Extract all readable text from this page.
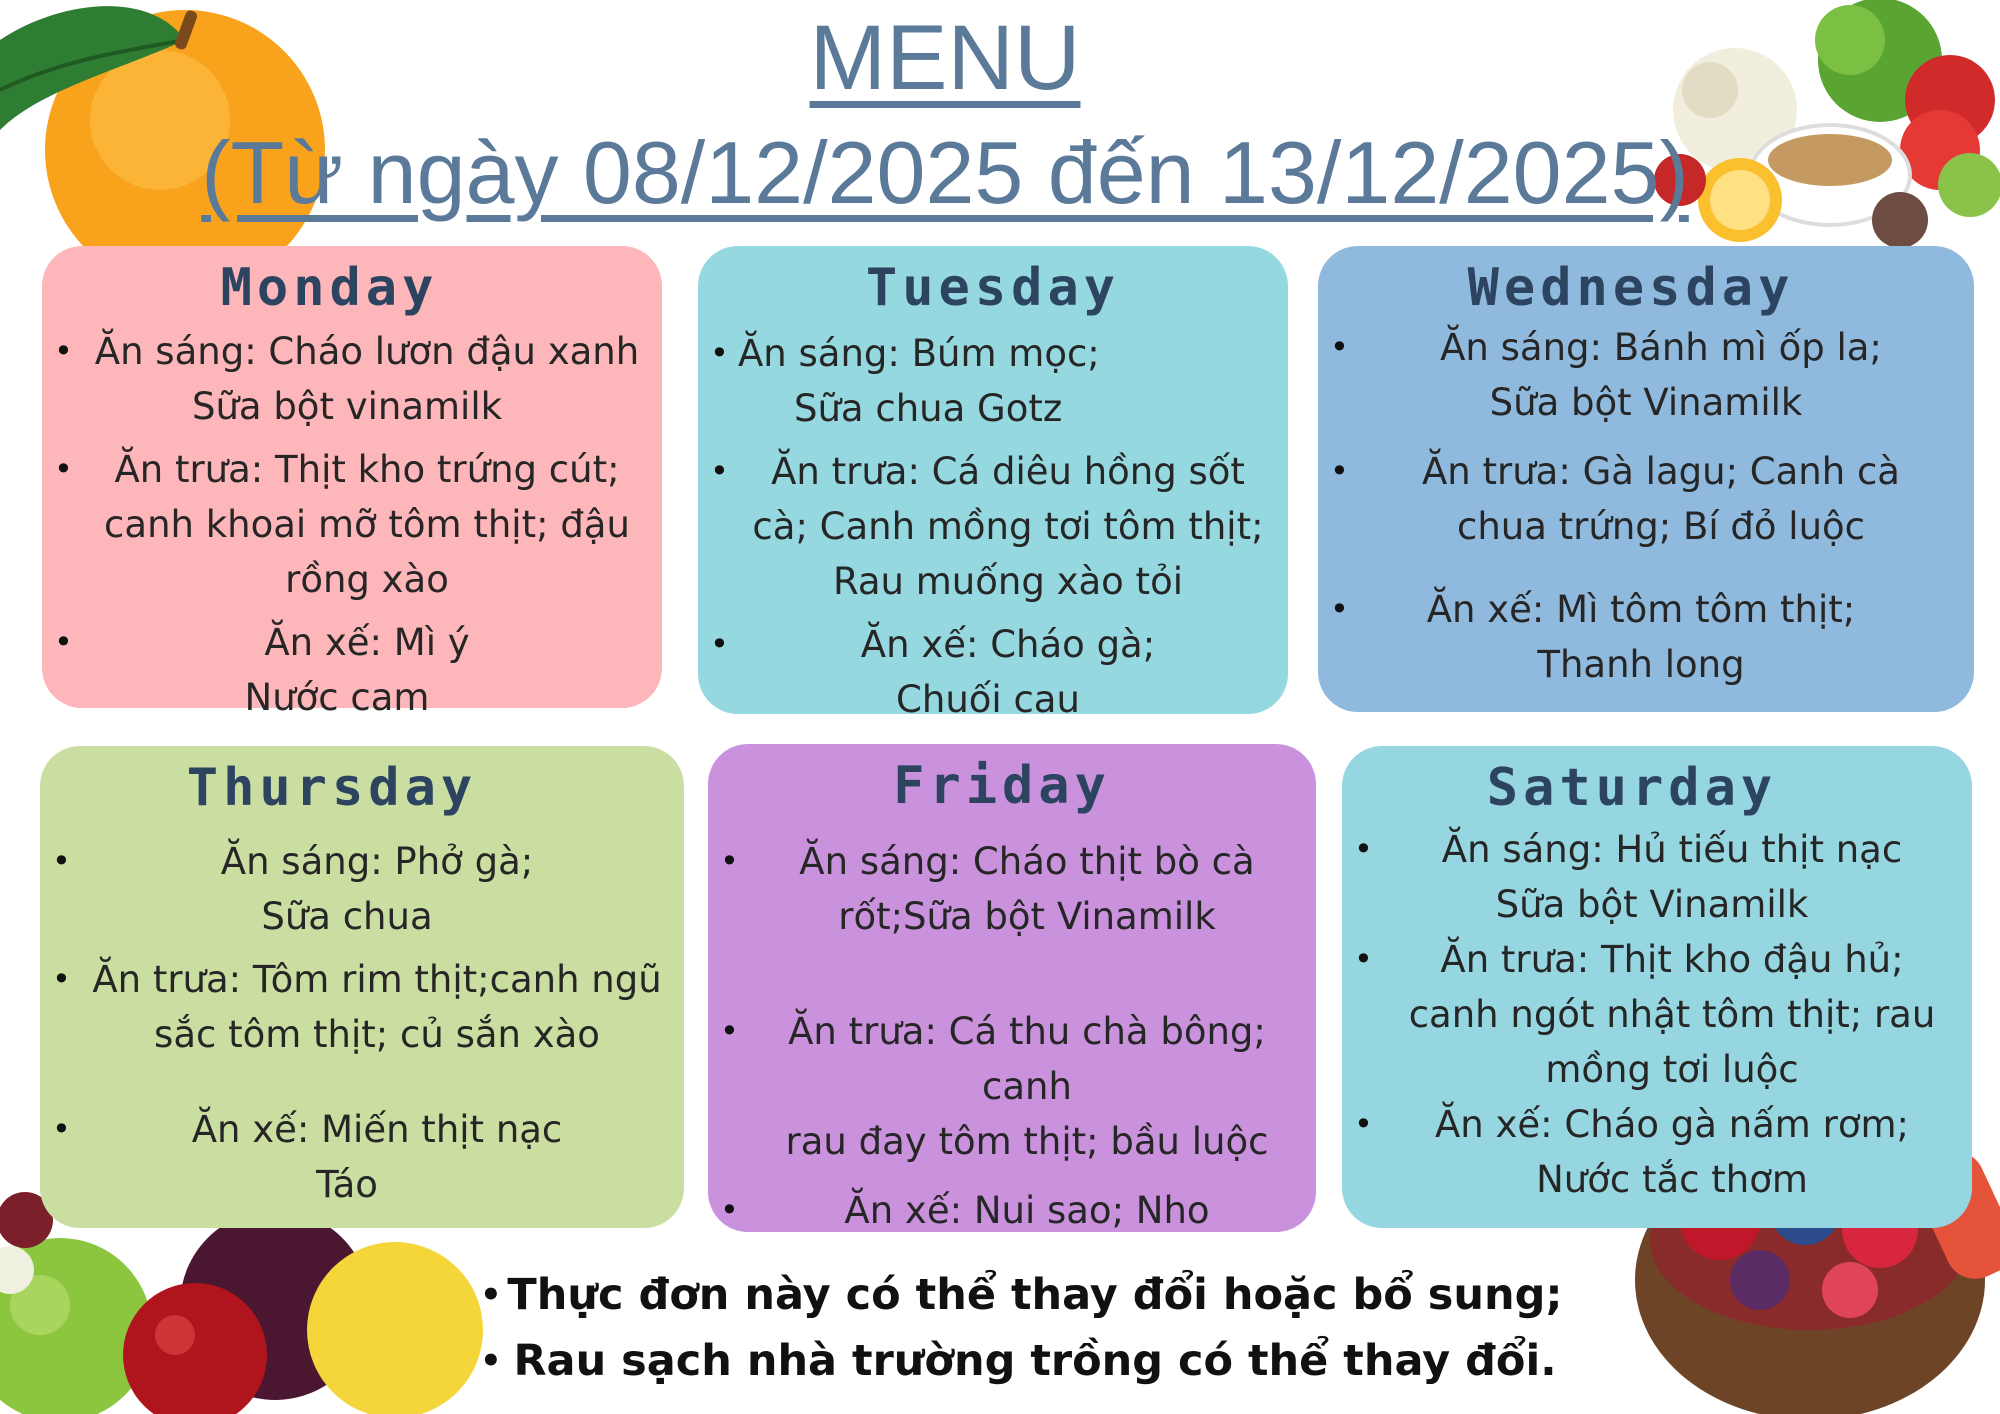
MENU
(Từ ngày 08/12/2025 đến 13/12/2025)
Monday
• Ăn sáng: Cháo lươn đậu xanh
Sữa bột vinamilk
• Ăn trưa: Thịt kho trứng cút;
canh khoai mỡ tôm thịt; đậu
rồng xào
• Ăn xế: Mì ý
Nước cam
Tuesday
• Ăn sáng: Búm mọc;
Sữa chua Gotz
• Ăn trưa: Cá diêu hồng sốt
cà; Canh mồng tơi tôm thịt;
Rau muống xào tỏi
• Ăn xế: Cháo gà;
Chuối cau
Wednesday
• Ăn sáng: Bánh mì ốp la;
Sữa bột Vinamilk
• Ăn trưa: Gà lagu; Canh cà
chua trứng; Bí đỏ luộc
• Ăn xế: Mì tôm tôm thịt;
Thanh long
Thursday
• Ăn sáng: Phở gà;
Sữa chua
• Ăn trưa: Tôm rim thịt;canh ngũ
sắc tôm thịt; củ sắn xào
• Ăn xế: Miến thịt nạc
Táo
Friday
• Ăn sáng: Cháo thịt bò cà
rốt;Sữa bột Vinamilk
• Ăn trưa: Cá thu chà bông; canh
rau đay tôm thịt; bầu luộc
• Ăn xế: Nui sao; Nho
Saturday
• Ăn sáng: Hủ tiếu thịt nạc
Sữa bột Vinamilk
• Ăn trưa: Thịt kho đậu hủ;
canh ngót nhật tôm thịt; rau
mồng tơi luộc
• Ăn xế: Cháo gà nấm rơm;
Nước tắc thơm
• Thực đơn này có thể thay đổi hoặc bổ sung;
• Rau sạch nhà trường trồng có thể thay đổi.
